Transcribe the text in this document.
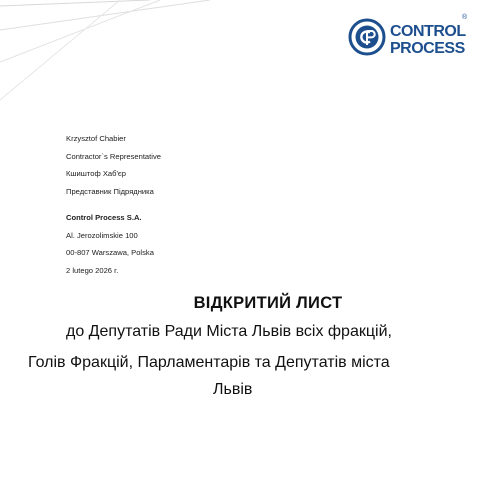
CONTROL
PROCESS
®
Krzysztof Chabier
Contractor`s Representative
Кшиштоф Хаб'єр
Представник Підрядника
Control Process S.A.
Al. Jerozolimskie 100
00-807 Warszawa, Polska
2 lutego 2026 r.
ВІДКРИТИЙ ЛИСТ
до Депутатів Ради Міста Львів всіх фракцій,
Голів Фракцій, Парламентарів та Депутатів міста
Львів
